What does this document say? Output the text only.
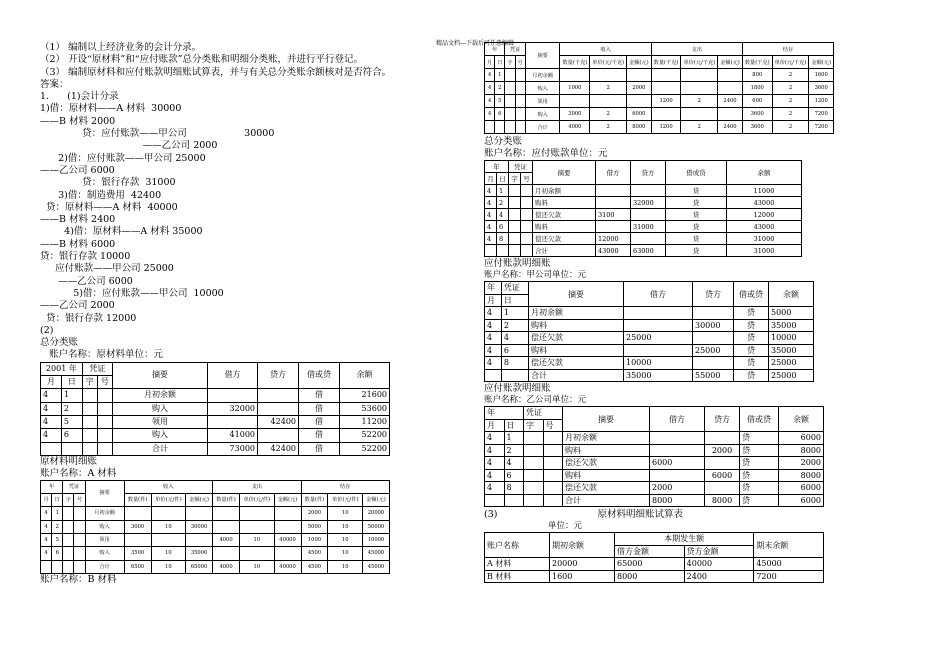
精品文档---下载后可任意编辑
（1） 编制以上经济业务的会计分录。
（2） 开设“原材料”和“应付账款”总分类账和明细分类账，并进行平行登记。
（3） 编制原材料和应付账款明细账试算表，并与有关总分类账余额核对是否符合。
答案：
1.      (1)会计分录
1)借：原材料——A 材料  30000
——B 材料 2000
贷：应付账款——甲公司                   30000
——乙公司 2000
2)借：应付账款——甲公司 25000
——乙公司 6000
贷：银行存款  31000
3)借：制造费用  42400
贷：原材料——A 材料  40000
——B 材料 2400
4)借：原材料——A 材料 35000
——B 材料 6000
贷：银行存款 10000
应付账款——甲公司 25000
——乙公司 6000
5)借：应付账款——甲公司  10000
——乙公司 2000
贷：银行存款 12000
(2)
总分类账
账户名称：原材料单位：元
2001 年		凭证		摘要	借方	贷方	借或贷	余额
月	日	字	号					
4	1			月初余额			借	21600
4	2			购入	32000		借	53600
4	5			领用		42400	借	11200
4	6			购入	41000		借	52200
				合计	73000	42400	借	52200
原材料明细账
账户名称：A 材料
年		凭证		摘要	收入			支出			结存		
月	日	字	号		数量(件)	单价(元/件)	金额(元)	数量(件)	单价(元/件)	金额(元)	数量(件)	单价(元/件)	金额(元)
4	1			月初余额							2000	10	20000
4	2			购入	3000	10	30000				5000	10	50000
4	5			领用				4000	10	40000	1000	10	10000
4	6			购入	3500	10	35000				4500	10	45000
				合计	6500	10	65000	4000	10	40000	4500	10	45000
账户名称：B 材料
年		凭证		摘要	收入			支出			结存		
月	日	字	号		数量(千克)	单价(元/千克)	金额(元)	数量(千克)	单价(元/千克)	金额(元)	数量(千克)	单价(元/千克)	金额(元)
4	1			月初余额							800	2	1600
4	2			购入	1000	2	2000				1800	2	3600
4	5			领用				1200	2	2400	600	2	1200
4	6			购入	3000	2	6000				3600	2	7200
				合计	4000	2	8000	1200	2	2400	3600	2	7200
总分类账
账户名称：应付账款单位：元
年		凭证		摘要	借方	贷方	借或贷	余额
月	日	字	号					
4	1			月初余额			贷	11000
4	2			购料		32000	贷	43000
4	4			偿还欠款	3100		贷	12000
4	6			购料		31000	贷	43000
4	8			偿还欠款	12000		贷	31000
				合计	43000	63000	贷	31000
应付账款明细账
账户名称：甲公司单位：元
年	凭证	摘要	借方	贷方	借或贷	余额
月	日					
4	1	月初余额			贷	5000
4	2	购料		30000	贷	35000
4	4	偿还欠款	25000		贷	10000
4	6	购料		25000	贷	35000
4	8	偿还欠款	10000		贷	25000
		合计	35000	55000	贷	25000
应付账款明细账
账户名称：乙公司单位：元
年		凭证		摘要	借方	贷方	借或贷	余额
月	日	字	号					
4	1			月初余额			贷	6000
4	2			购料		2000	贷	8000
4	4			偿还欠款	6000		贷	2000
4	6			购料		6000	贷	8000
4	8			偿还欠款	2000		贷	6000
				合计	8000	8000	贷	6000
(3)	原材料明细账试算表
单位：元
账户名称	期初余额	本期发生额		期末余额
		借方金额	贷方金额	
A 材料	20000	65000	40000	45000
B 材料	1600	8000	2400	7200
